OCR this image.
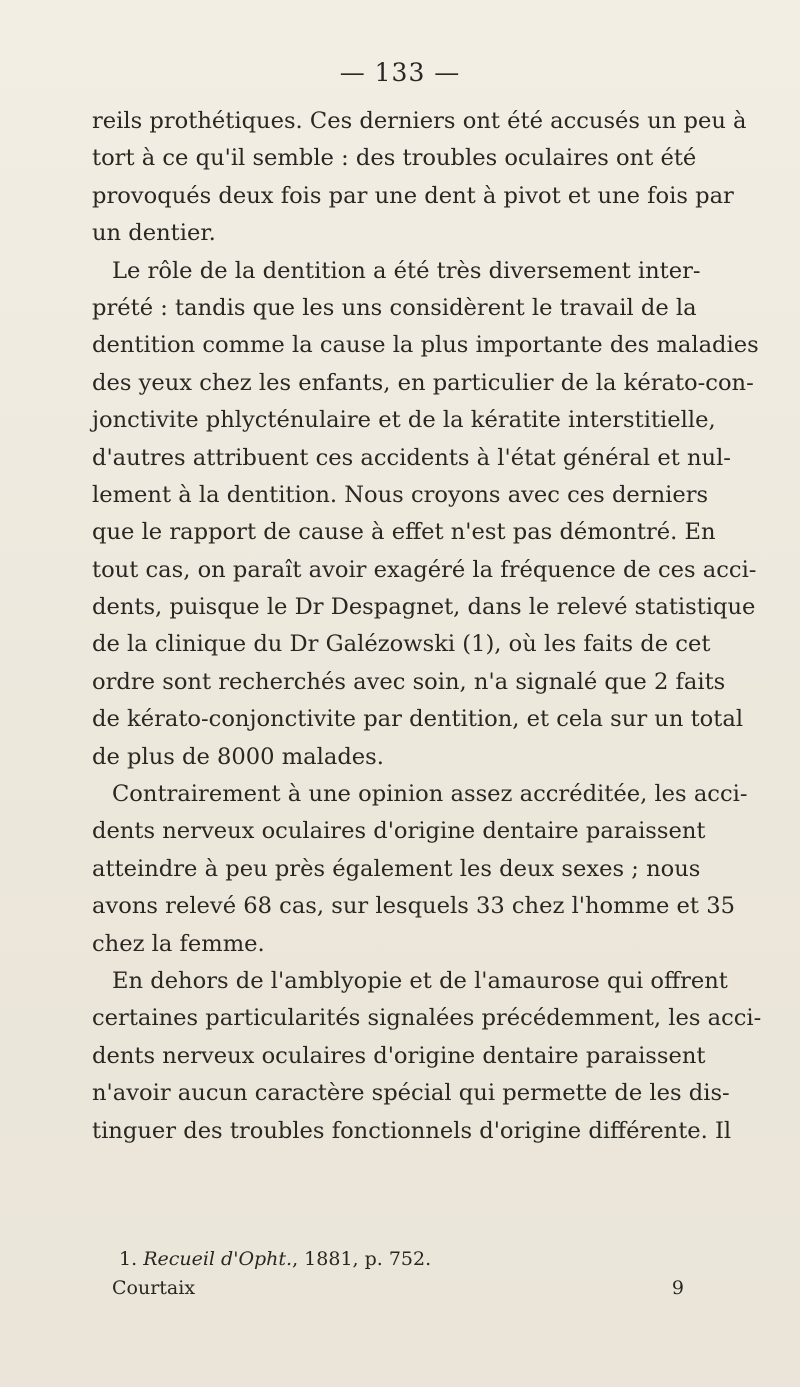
— 133 —
reils prothétiques. Ces derniers ont été accusés un peu à
tort à ce qu'il semble : des troubles oculaires ont été
provoqués deux fois par une dent à pivot et une fois par
un dentier.
Le rôle de la dentition a été très diversement inter-
prété : tandis que les uns considèrent le travail de la
dentition comme la cause la plus importante des maladies
des yeux chez les enfants, en particulier de la kérato-con-
jonctivite phlycténulaire et de la kératite interstitielle,
d'autres attribuent ces accidents à l'état général et nul-
lement à la dentition. Nous croyons avec ces derniers
que le rapport de cause à effet n'est pas démontré. En
tout cas, on paraît avoir exagéré la fréquence de ces acci-
dents, puisque le Dr Despagnet, dans le relevé statistique
de la clinique du Dr Galézowski (1), où les faits de cet
ordre sont recherchés avec soin, n'a signalé que 2 faits
de kérato-conjonctivite par dentition, et cela sur un total
de plus de 8000 malades.
Contrairement à une opinion assez accréditée, les acci-
dents nerveux oculaires d'origine dentaire paraissent
atteindre à peu près également les deux sexes ; nous
avons relevé 68 cas, sur lesquels 33 chez l'homme et 35
chez la femme.
En dehors de l'amblyopie et de l'amaurose qui offrent
certaines particularités signalées précédemment, les acci-
dents nerveux oculaires d'origine dentaire paraissent
n'avoir aucun caractère spécial qui permette de les dis-
tinguer des troubles fonctionnels d'origine différente. Il
1. Recueil d'Opht., 1881, p. 752.
Courtaix	9
